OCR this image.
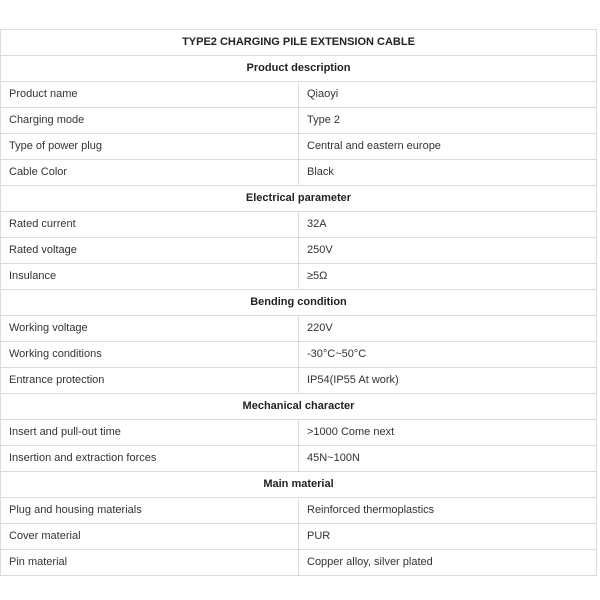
TYPE2 CHARGING PILE EXTENSION CABLE	
Product description	
Product name	Qiaoyi
Charging mode	Type 2
Type of power plug	Central and eastern europe
Cable Color	Black
Electrical parameter	
Rated current	32A
Rated voltage	250V
Insulance	≥5Ω
Bending condition	
Working voltage	220V
Working conditions	-30°C~50°C
Entrance protection	IP54(IP55 At work)
Mechanical character	
Insert and pull-out time	>1000 Come next
Insertion and extraction forces	45N~100N
Main material	
Plug and housing materials	Reinforced thermoplastics
Cover material	PUR
Pin material	Copper alloy, silver plated
